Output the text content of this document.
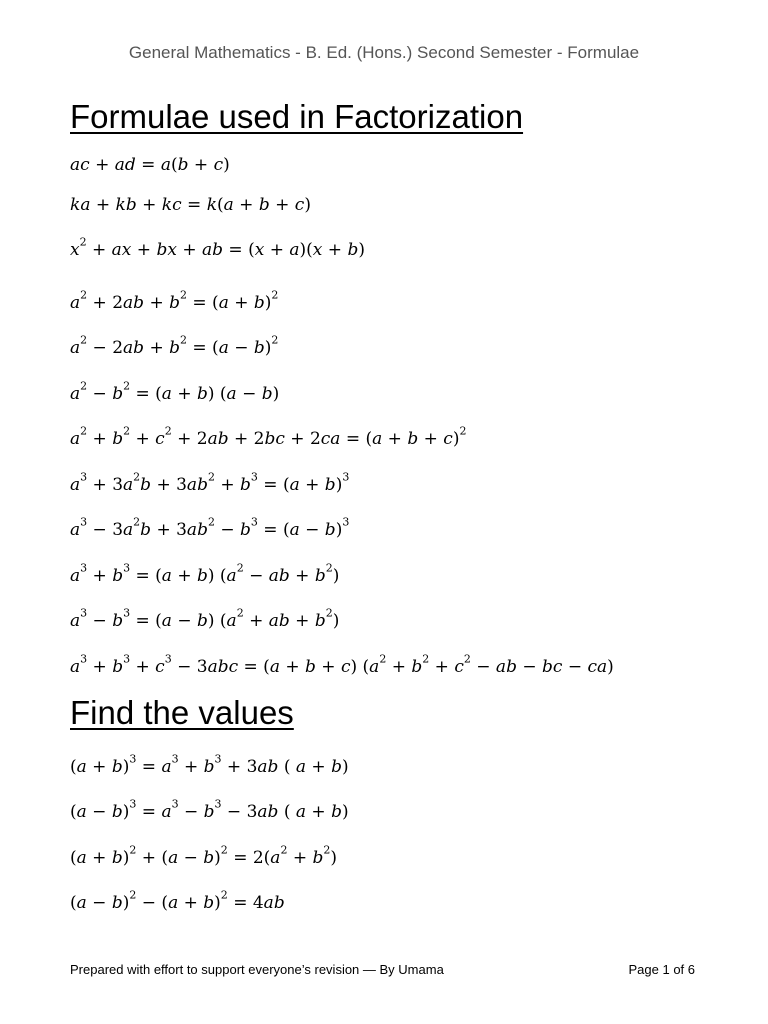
General Mathematics - B. Ed. (Hons.) Second Semester - Formulae
Formulae used in Factorization
ac + ad = a(b + c)
ka + kb + kc = k(a + b + c)
$x^2$ + ax + bx + ab = (x + a)(x + b)
$a^2 + 2ab + b^2 = (a + b)^2$
$a^2 - 2ab + b^2 = (a - b)^2$
$a^2 - b^2 = (a + b) (a - b)$
$a^2 + b^2 + c^2 + 2ab + 2bc + 2ca = (a + b + c)^2$
$a^3 + 3a^2b + 3ab^2 + b^3 = (a + b)^3$
$a^3 - 3a^2b + 3ab^2 - b^3 = (a - b)^3$
$a^3 + b^3 = (a + b) (a^2$ − ab + $b^2$)
$a^3 - b^3 = (a - b) (a^2$ + ab + $b^2$)
$a^3 + b^3 + c^3 - 3abc = (a + b + c) (a^2 + b^2 + c^2$ − ab − bc − ca)
Find the values
$(a + b)^3 = a^3 + b^3 + 3ab$ ( a + b)
$(a - b)^3 = a^3 - b^3 - 3ab$ ( a + b)
$(a + b)^2 + (a - b)^2 = 2(a^2 + b^2)$
$(a - b)^2 - (a + b)^2 = 4ab$
Prepared with effort to support everyone’s revision — By Umama	Page 1 of 6
